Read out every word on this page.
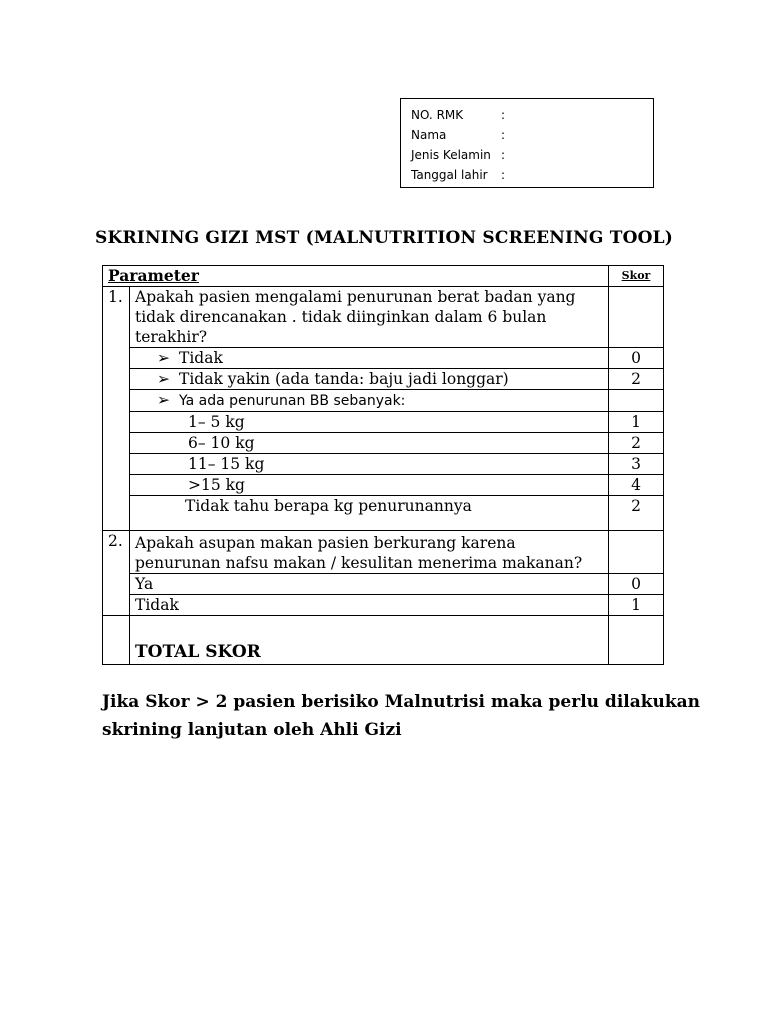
NO. RMK	:
Nama	:
Jenis Kelamin :
Tanggal lahir	:
SKRINING GIZI MST (MALNUTRITION SCREENING TOOL)
Parameter		Skor
1.	Apakah pasien mengalami penurunan berat badan yang tidak direncanakan . tidak diinginkan dalam 6 bulan terakhir?	
	➢ Tidak	0
	➢ Tidak yakin (ada tanda: baju jadi longgar)	2
	➢ Ya ada penurunan BB sebanyak:	
	1– 5 kg	1
	6– 10 kg	2
	11– 15 kg	3
	>15 kg	4
	Tidak tahu berapa kg penurunannya	2
2.	Apakah asupan makan pasien berkurang karena penurunan nafsu makan / kesulitan menerima makanan?	
	Ya	0
	Tidak	1
	TOTAL SKOR	
Jika Skor > 2 pasien berisiko Malnutrisi maka perlu dilakukan skrining lanjutan oleh Ahli Gizi
